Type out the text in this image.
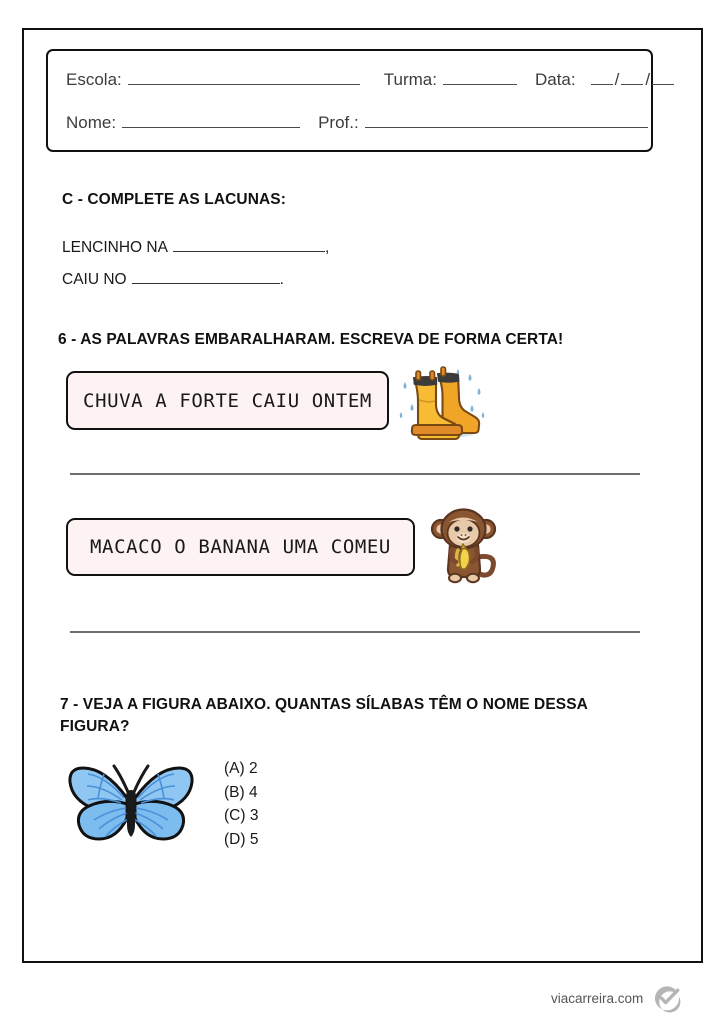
Escola:	Turma:	Data: / /
Nome:	Prof.:
C - COMPLETE AS LACUNAS:
LENCINHO NA	,
CAIU NO	.
6 - AS PALAVRAS EMBARALHARAM. ESCREVA DE FORMA CERTA!
CHUVA A FORTE CAIU ONTEM
MACACO O BANANA UMA COMEU
7 - VEJA A FIGURA ABAIXO. QUANTAS SÍLABAS TÊM O NOME DESSA FIGURA?
(A) 2
(B) 4
(C) 3
(D) 5
viacarreira.com
